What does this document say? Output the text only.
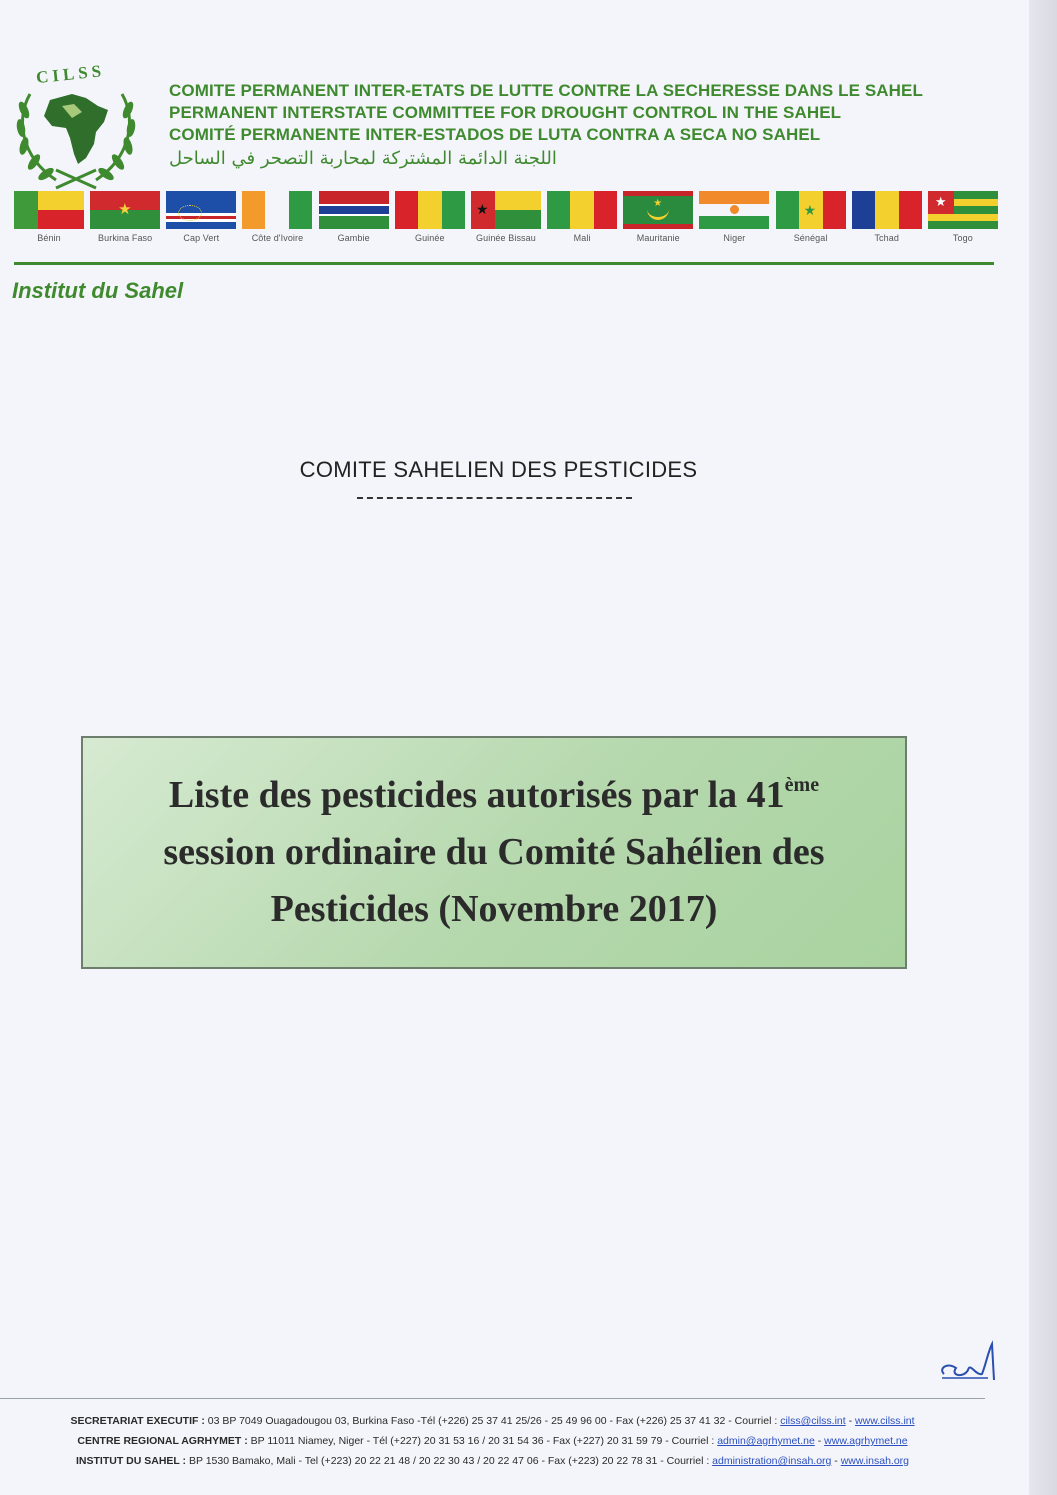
CILSS
COMITE PERMANENT INTER-ETATS DE LUTTE CONTRE LA SECHERESSE DANS LE SAHEL
PERMANENT INTERSTATE COMMITTEE FOR DROUGHT CONTROL IN THE SAHEL
COMITÉ PERMANENTE INTER-ESTADOS DE LUTA CONTRA A SECA NO SAHEL
اللجنة الدائمة المشتركة لمحاربة التصحر في الساحل
Bénin
★
Burkina Faso	Cap Vert	Côte d'Ivoire	Gambie	Guinée
★
Guinée Bissau	Mali
★
Mauritanie	Niger
★
Sénégal	Tchad
★
Togo
Institut du Sahel
COMITE SAHELIEN DES PESTICIDES
Liste des pesticides autorisés par la 41ème
session ordinaire du Comité Sahélien des
Pesticides (Novembre 2017)
SECRETARIAT EXECUTIF : 03 BP 7049 Ouagadougou 03, Burkina Faso -Tél (+226) 25 37 41 25/26 - 25 49 96 00 - Fax (+226) 25 37 41 32 - Courriel : cilss@cilss.int - www.cilss.int
CENTRE REGIONAL AGRHYMET : BP 11011 Niamey, Niger - Tél (+227) 20 31 53 16 / 20 31 54 36 - Fax (+227) 20 31 59 79 - Courriel : admin@agrhymet.ne - www.agrhymet.ne
INSTITUT DU SAHEL : BP 1530 Bamako, Mali - Tel (+223) 20 22 21 48 / 20 22 30 43 / 20 22 47 06 - Fax (+223) 20 22 78 31 - Courriel : administration@insah.org - www.insah.org
